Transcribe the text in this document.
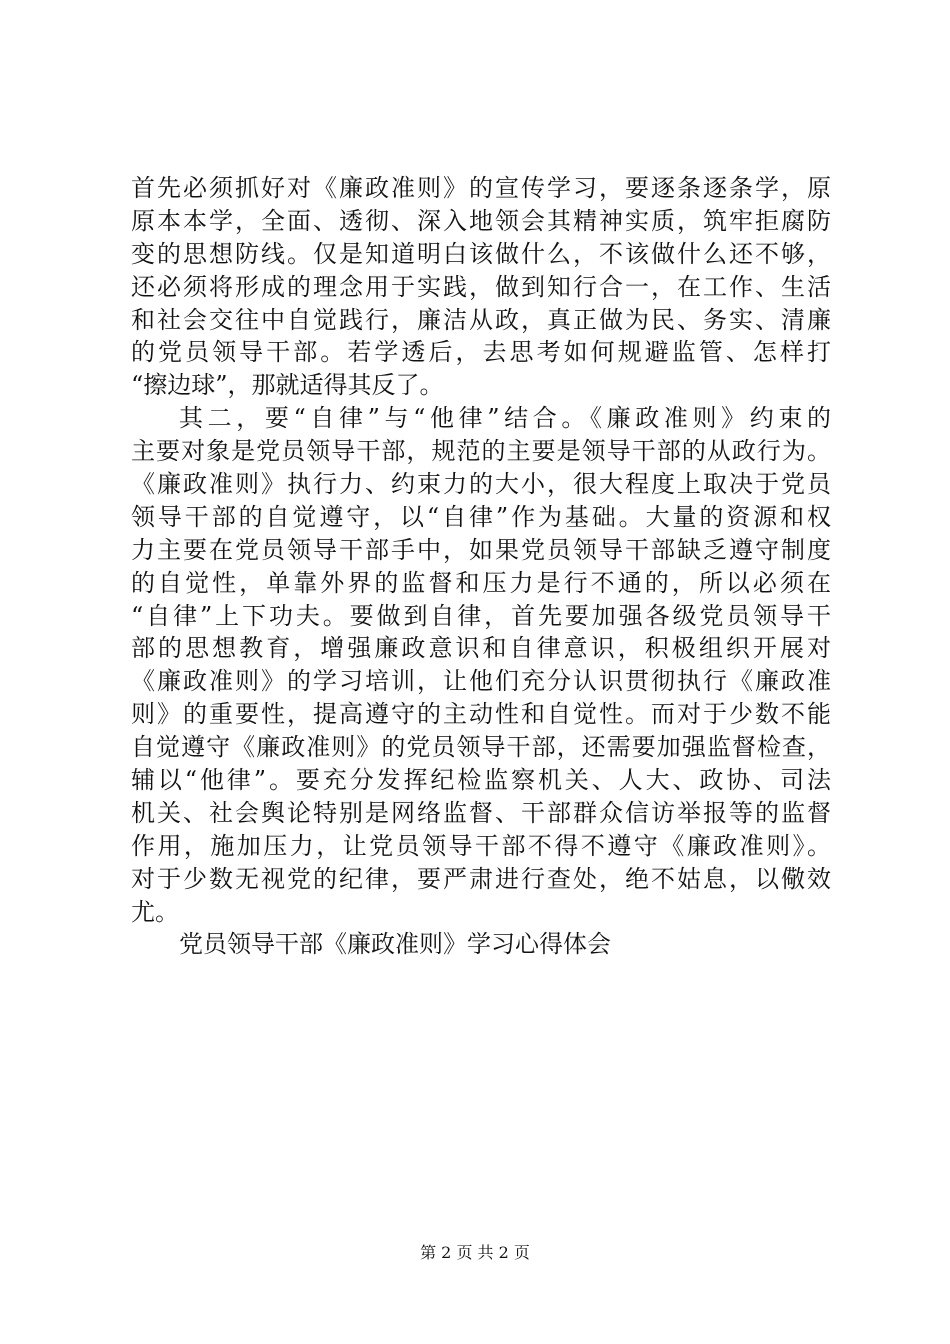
首先必须抓好对《廉政准则》的宣传学习，要逐条逐条学，原
原本本学，全面、透彻、深入地领会其精神实质，筑牢拒腐防
变的思想防线。仅是知道明白该做什么，不该做什么还不够，
还必须将形成的理念用于实践，做到知行合一，在工作、生活
和社会交往中自觉践行，廉洁从政，真正做为民、务实、清廉
的党员领导干部。若学透后，去思考如何规避监管、怎样打
“擦边球”，那就适得其反了。
其二，要“自律”与“他律”结合。《廉政准则》约束的
主要对象是党员领导干部，规范的主要是领导干部的从政行为。
《廉政准则》执行力、约束力的大小，很大程度上取决于党员
领导干部的自觉遵守，以“自律”作为基础。大量的资源和权
力主要在党员领导干部手中，如果党员领导干部缺乏遵守制度
的自觉性，单靠外界的监督和压力是行不通的，所以必须在
“自律”上下功夫。要做到自律，首先要加强各级党员领导干
部的思想教育，增强廉政意识和自律意识，积极组织开展对
《廉政准则》的学习培训，让他们充分认识贯彻执行《廉政准
则》的重要性，提高遵守的主动性和自觉性。而对于少数不能
自觉遵守《廉政准则》的党员领导干部，还需要加强监督检查，
辅以“他律”。要充分发挥纪检监察机关、人大、政协、司法
机关、社会舆论特别是网络监督、干部群众信访举报等的监督
作用，施加压力，让党员领导干部不得不遵守《廉政准则》。
对于少数无视党的纪律，要严肃进行查处，绝不姑息，以儆效
尤。
党员领导干部《廉政准则》学习心得体会
第 2 页 共 2 页
